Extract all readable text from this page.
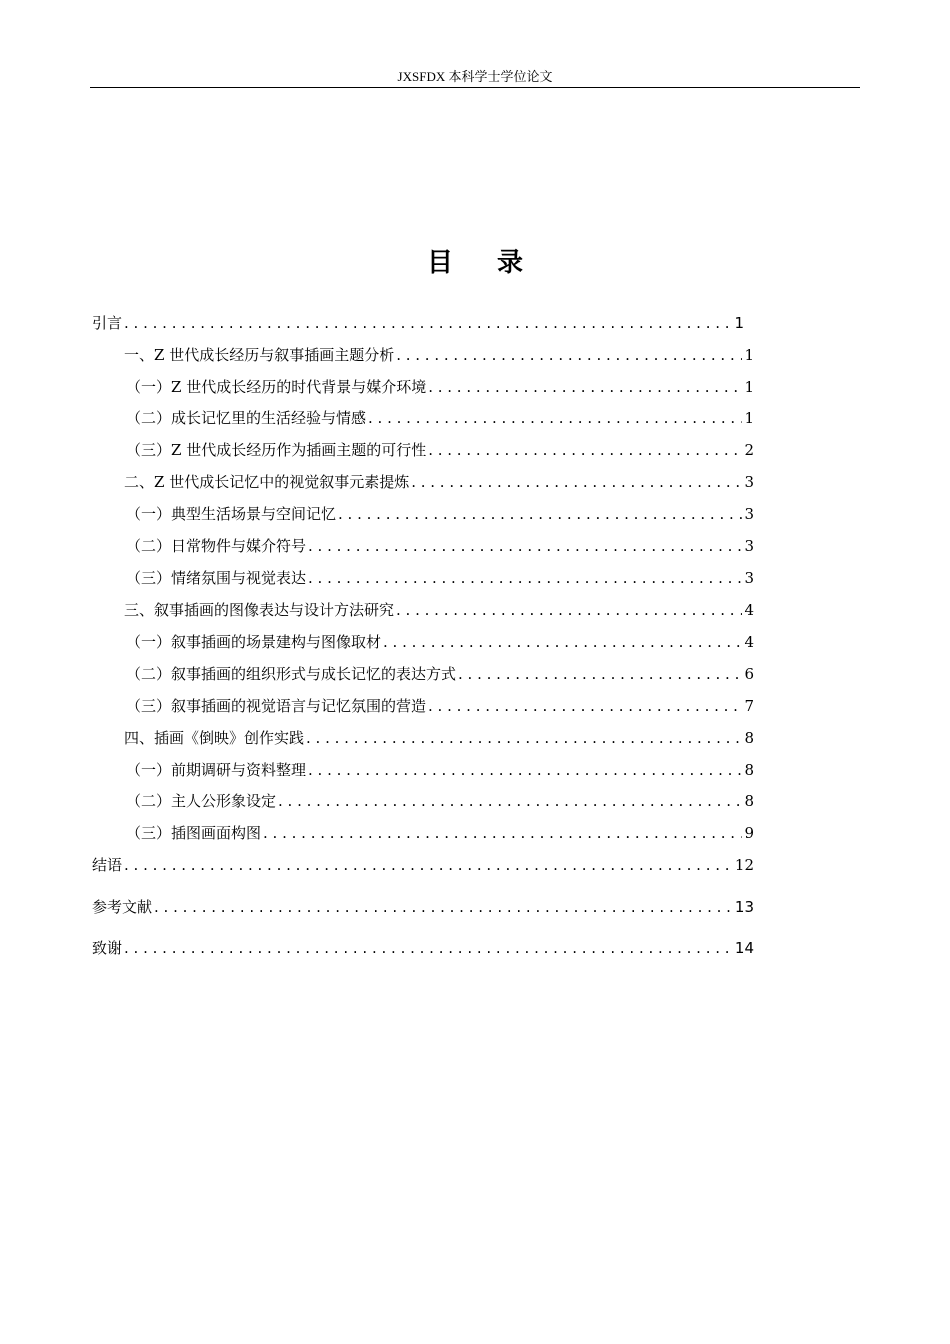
JXSFDX 本科学士学位论文
目录
引言 . . .	1
一、Z 世代成长经历与叙事插画主题分析 . . .	1
（一）Z 世代成长经历的时代背景与媒介环境 . . .	1
（二）成长记忆里的生活经验与情感 . . .	1
（三）Z 世代成长经历作为插画主题的可行性 . . .	2
二、Z 世代成长记忆中的视觉叙事元素提炼 . . .	3
（一）典型生活场景与空间记忆 . . .	3
（二）日常物件与媒介符号 . . .	3
（三）情绪氛围与视觉表达 . . .	3
三、叙事插画的图像表达与设计方法研究 . . .	4
（一）叙事插画的场景建构与图像取材 . . .	4
（二）叙事插画的组织形式与成长记忆的表达方式 . . .	6
（三）叙事插画的视觉语言与记忆氛围的营造 . . .	7
四、插画《倒映》创作实践 . . .	8
（一）前期调研与资料整理 . . .	8
（二）主人公形象设定 . . .	8
（三）插图画面构图 . . .	9
结语 . . .	12
参考文献 . . .	13
致谢 . . .	14
